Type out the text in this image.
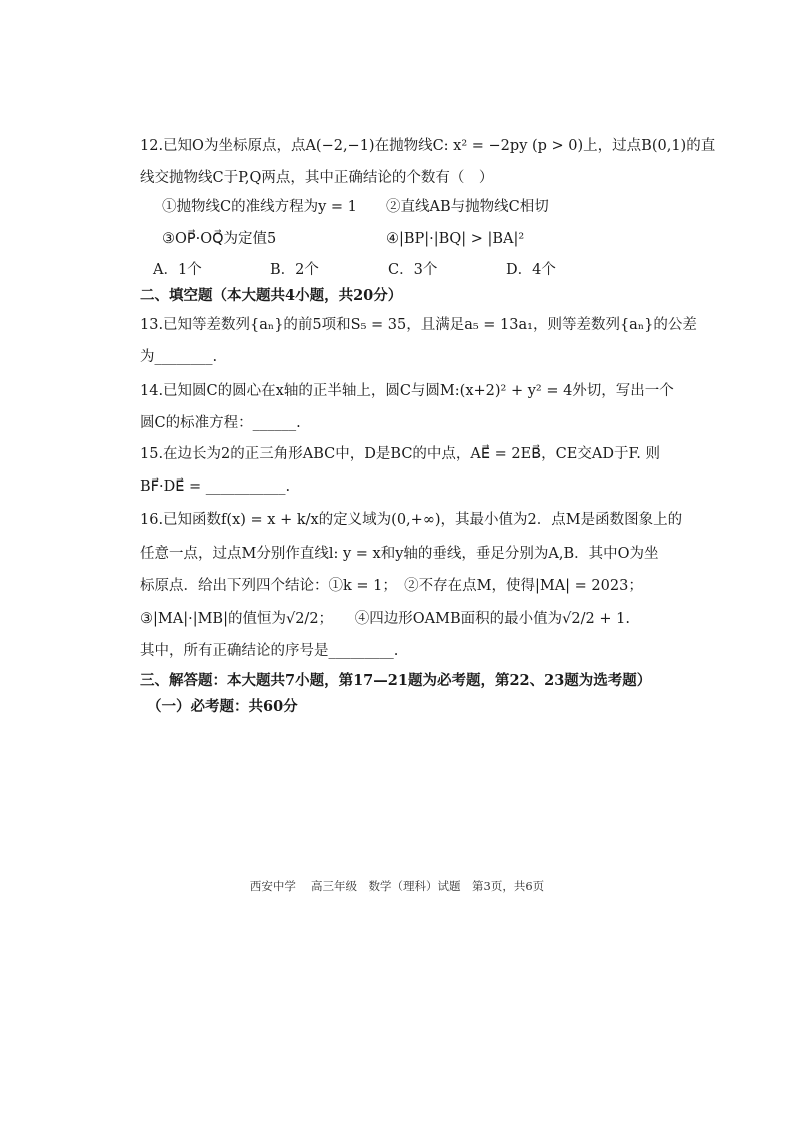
12.已知O为坐标原点，点A(−2,−1)在抛物线C: x² = −2py (p > 0)上，过点B(0,1)的直
线交抛物线C于P,Q两点，其中正确结论的个数有（　）
①抛物线C的准线方程为y = 1 ②直线AB与抛物线C相切
③OP⃗·OQ⃗为定值5	④|BP|·|BQ| > |BA|²
A．1个	B．2个	C．3个	D．4个
二、填空题（本大题共4小题，共20分）
13.已知等差数列{aₙ}的前5项和S₅ = 35，且满足a₅ = 13a₁，则等差数列{aₙ}的公差
为________.
14.已知圆C的圆心在x轴的正半轴上，圆C与圆M:(x+2)² + y² = 4外切，写出一个
圆C的标准方程：______.
15.在边长为2的正三角形ABC中，D是BC的中点，AE⃗ = 2EB⃗，CE交AD于F. 则
BF⃗·DE⃗ = ___________.
16.已知函数f(x) = x + k/x的定义域为(0,+∞)，其最小值为2．点M是函数图象上的
任意一点，过点M分别作直线l: y = x和y轴的垂线，垂足分别为A,B．其中O为坐
标原点．给出下列四个结论：①k = 1；　②不存在点M，使得|MA| = 2023；
③|MA|·|MB|的值恒为√2/2；　　④四边形OAMB面积的最小值为√2/2 + 1.
其中，所有正确结论的序号是_________.
三、解答题：本大题共7小题，第17—21题为必考题，第22、23题为选考题）
（一）必考题：共60分
西安中学　 高三年级　数学（理科）试题　第3页，共6页
